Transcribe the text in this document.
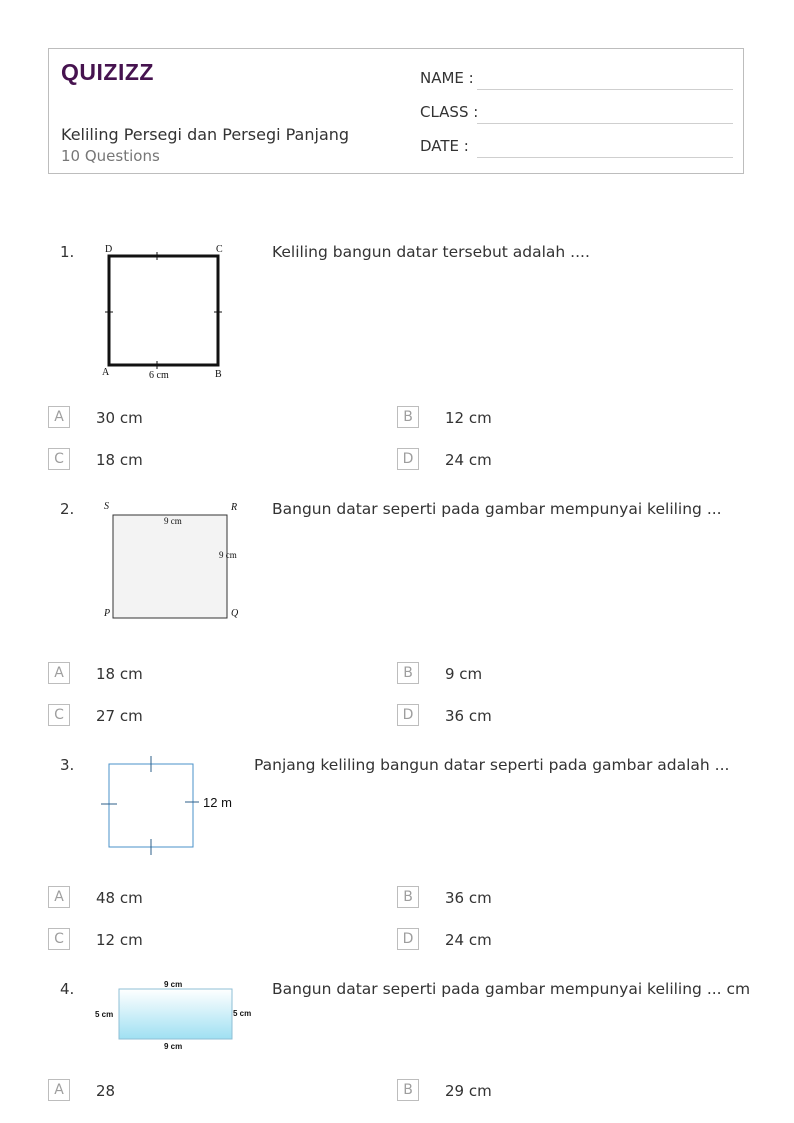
QUIZIZZ
Keliling Persegi dan Persegi Panjang
10 Questions
NAME :
CLASS :
DATE :
1.	D	C
A	B
6 cm
Keliling bangun datar tersebut adalah ....
A	30 cm	B	12 cm
C	18 cm	D	24 cm
2.	S	R
P	Q
9 cm
9 cm
Bangun datar seperti pada gambar mempunyai keliling ...
A	18 cm	B	9 cm
C	27 cm	D	36 cm
3.
12 m
Panjang keliling bangun datar seperti pada gambar adalah ...
A	48 cm	B	36 cm
C	12 cm	D	24 cm
4.	9 cm
9 cm
5 cm	5 cm
Bangun datar seperti pada gambar mempunyai keliling ... cm
A	28	B	29 cm
